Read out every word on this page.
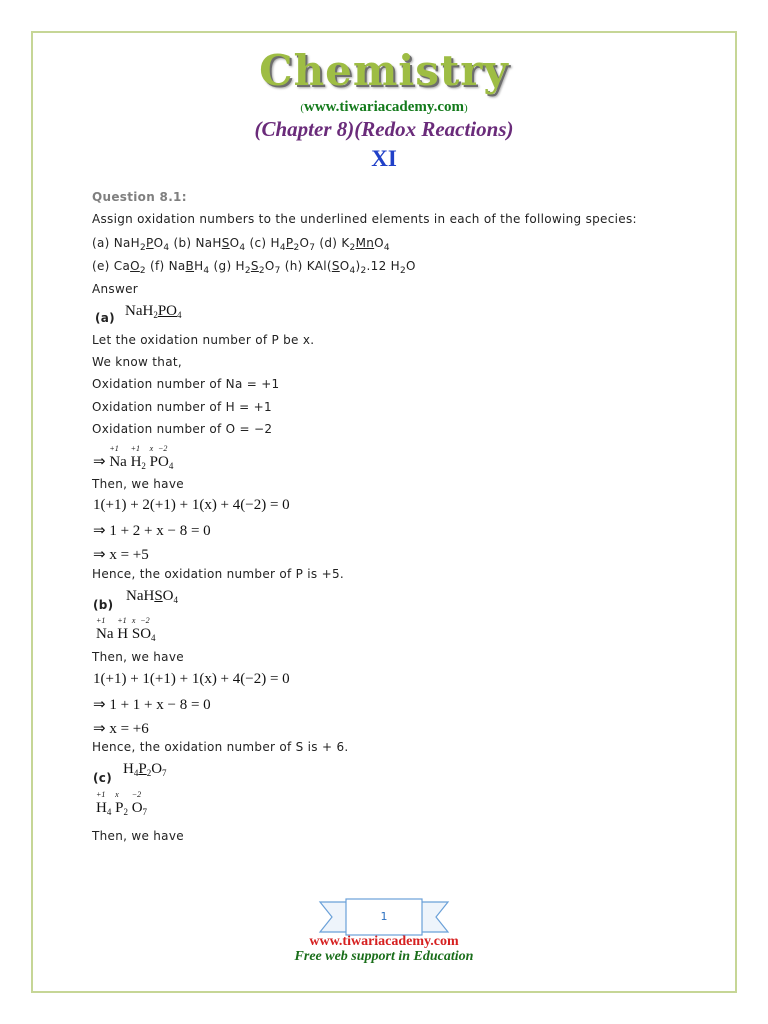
Chemistry
(www.tiwariacademy.com)
(Chapter 8)(Redox Reactions)
XI
Question 8.1:
Assign oxidation numbers to the underlined elements in each of the following species:
(a) $NaH_2PO_4$ (b) NaHSO$_4$ (c) $H_4P_2O_7$ (d) $K_2MnO_4$
(e) CaO$_2$ (f) NaBH$_4$ (g) $H_2S_2O_7$ (h) $KAl(SO_4)_2.12$ $H_2O$
Answer
(a) $NaH_2PO_4$
Let the oxidation number of P be x.
We know that,
Oxidation number of Na = +1
Oxidation number of H = +1
Oxidation number of O = −2
⇒
+1
Na
+1
$H_2$
x
P
−2
$O_4$
Then, we have
1(+1) + 2(+1) + 1(x) + 4(−2) = 0
⇒ 1 + 2 + x − 8 = 0
⇒ x = +5
Hence, the oxidation number of P is +5.
(b)
NaHSO$_4$
+1
Na
+1
H
x
S
−2
$O_4$
Then, we have
1(+1) + 1(+1) + 1(x) + 4(−2) = 0
⇒ 1 + 1 + x − 8 = 0
⇒ x = +6
Hence, the oxidation number of S is + 6.
(c)
$H_4P_2O_7$
+1
$H_4$
x
$P_2$
−2
$O_7$
Then, we have
1
www.tiwariacademy.com
Free web support in Education
